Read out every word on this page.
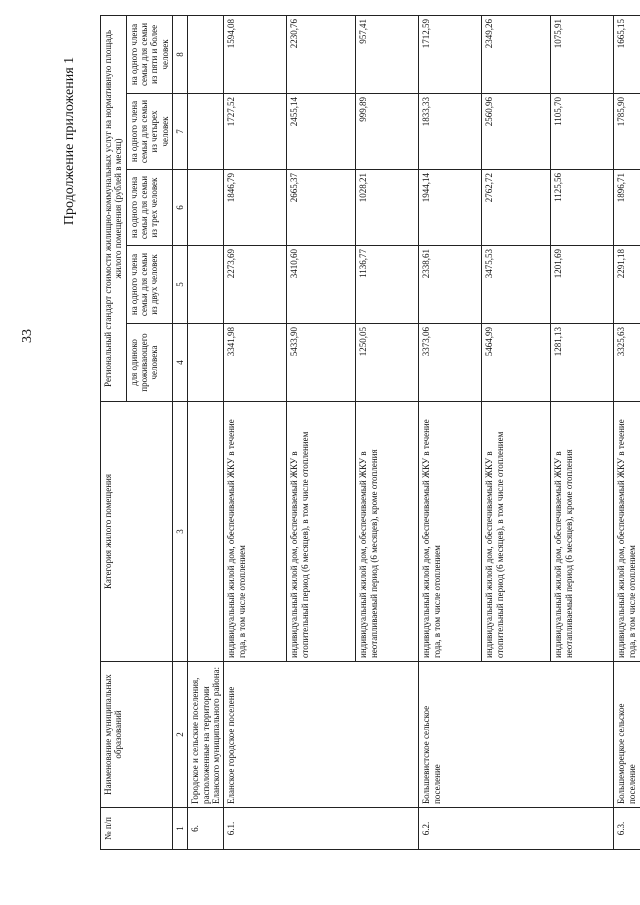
33
Продолжение приложения 1
№ п/п	Наименование муниципальных образований	Категория жилого помещения	Региональный стандарт стоимости жилищно-коммунальных услуг на нормативную площадь жилого помещения (рублей в месяц)				
			для одиноко проживающего человека	на одного члена семьи для семьи из двух человек	на одного члена семьи для семьи из трех человек	на одного члена семьи для семьи из четырех человек	на одного члена семьи для семьи из пяти и более человек
1	2	3	4	5	6	7	8
6.	Городское и сельские поселения, расположенные на территории Еланского муниципального района:						
6.1.	Еланское городское поселение	индивидуальный жилой дом, обеспечиваемый ЖКУ в течение года, в том числе отоплением	3341,98	2273,69	1846,79	1727,52	1594,08
		индивидуальный жилой дом, обеспечиваемый ЖКУ в отопительный период (6 месяцев), в том числе отоплением	5433,90	3410,60	2665,37	2455,14	2230,76
		индивидуальный жилой дом, обеспечиваемый ЖКУ в неотапливаемый период (6 месяцев), кроме отопления	1250,05	1136,77	1028,21	999,89	957,41
6.2.	Большевистское сельское поселение	индивидуальный жилой дом, обеспечиваемый ЖКУ в течение года, в том числе отоплением	3373,06	2338,61	1944,14	1833,33	1712,59
		индивидуальный жилой дом, обеспечиваемый ЖКУ в отопительный период (6 месяцев), в том числе отоплением	5464,99	3475,53	2762,72	2560,96	2349,26
		индивидуальный жилой дом, обеспечиваемый ЖКУ в неотапливаемый период (6 месяцев), кроме отопления	1281,13	1201,69	1125,56	1105,70	1075,91
6.3.	Большеморецкое сельское поселение	индивидуальный жилой дом, обеспечиваемый ЖКУ в течение года, в том числе отоплением	3325,63	2291,18	1896,71	1785,90	1665,15
